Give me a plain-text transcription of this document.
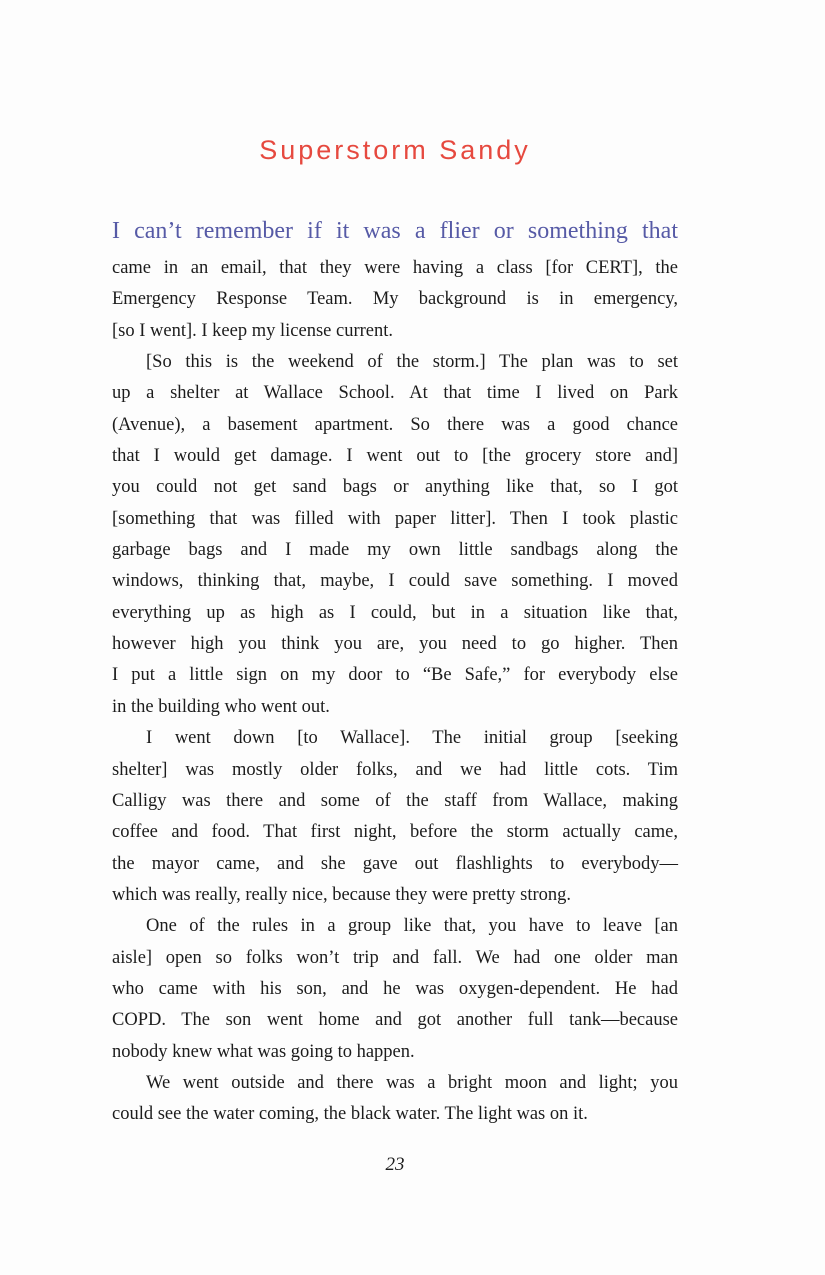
Superstorm Sandy
I can’t remember if it was a flier or something that
came in an email, that they were having a class [for CERT], the
Emergency Response Team. My background is in emergency,
[so I went]. I keep my license current.
[So this is the weekend of the storm.] The plan was to set
up a shelter at Wallace School. At that time I lived on Park
(Avenue), a basement apartment. So there was a good chance
that I would get damage. I went out to [the grocery store and]
you could not get sand bags or anything like that, so I got
[something that was filled with paper litter]. Then I took plastic
garbage bags and I made my own little sandbags along the
windows, thinking that, maybe, I could save something. I moved
everything up as high as I could, but in a situation like that,
however high you think you are, you need to go higher. Then
I put a little sign on my door to “Be Safe,” for everybody else
in the building who went out.
I went down [to Wallace]. The initial group [seeking
shelter] was mostly older folks, and we had little cots. Tim
Calligy was there and some of the staff from Wallace, making
coffee and food. That first night, before the storm actually came,
the mayor came, and she gave out flashlights to everybody—
which was really, really nice, because they were pretty strong.
One of the rules in a group like that, you have to leave [an
aisle] open so folks won’t trip and fall. We had one older man
who came with his son, and he was oxygen-dependent. He had
COPD. The son went home and got another full tank—because
nobody knew what was going to happen.
We went outside and there was a bright moon and light; you
could see the water coming, the black water. The light was on it.
23
